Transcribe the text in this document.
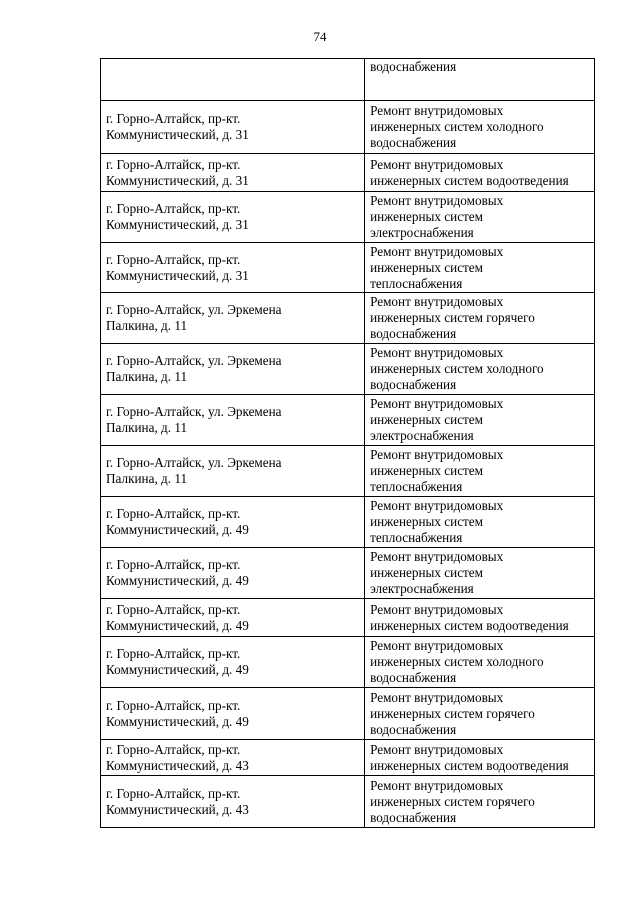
74

	водоснабжения

г. Горно-Алтайск, пр-кт.
Коммунистический, д. 31	Ремонт внутридомовых
инженерных систем холодного
водоснабжения

г. Горно-Алтайск, пр-кт.
Коммунистический, д. 31	Ремонт внутридомовых
инженерных систем водоотведения

г. Горно-Алтайск, пр-кт.
Коммунистический, д. 31	Ремонт внутридомовых
инженерных систем
электроснабжения

г. Горно-Алтайск, пр-кт.
Коммунистический, д. 31	Ремонт внутридомовых
инженерных систем
теплоснабжения

г. Горно-Алтайск, ул. Эркемена
Палкина, д. 11	Ремонт внутридомовых
инженерных систем горячего
водоснабжения

г. Горно-Алтайск, ул. Эркемена
Палкина, д. 11	Ремонт внутридомовых
инженерных систем холодного
водоснабжения

г. Горно-Алтайск, ул. Эркемена
Палкина, д. 11	Ремонт внутридомовых
инженерных систем
электроснабжения

г. Горно-Алтайск, ул. Эркемена
Палкина, д. 11	Ремонт внутридомовых
инженерных систем
теплоснабжения

г. Горно-Алтайск, пр-кт.
Коммунистический, д. 49	Ремонт внутридомовых
инженерных систем
теплоснабжения

г. Горно-Алтайск, пр-кт.
Коммунистический, д. 49	Ремонт внутридомовых
инженерных систем
электроснабжения

г. Горно-Алтайск, пр-кт.
Коммунистический, д. 49	Ремонт внутридомовых
инженерных систем водоотведения

г. Горно-Алтайск, пр-кт.
Коммунистический, д. 49	Ремонт внутридомовых
инженерных систем холодного
водоснабжения

г. Горно-Алтайск, пр-кт.
Коммунистический, д. 49	Ремонт внутридомовых
инженерных систем горячего
водоснабжения

г. Горно-Алтайск, пр-кт.
Коммунистический, д. 43	Ремонт внутридомовых
инженерных систем водоотведения

г. Горно-Алтайск, пр-кт.
Коммунистический, д. 43	Ремонт внутридомовых
инженерных систем горячего
водоснабжения
